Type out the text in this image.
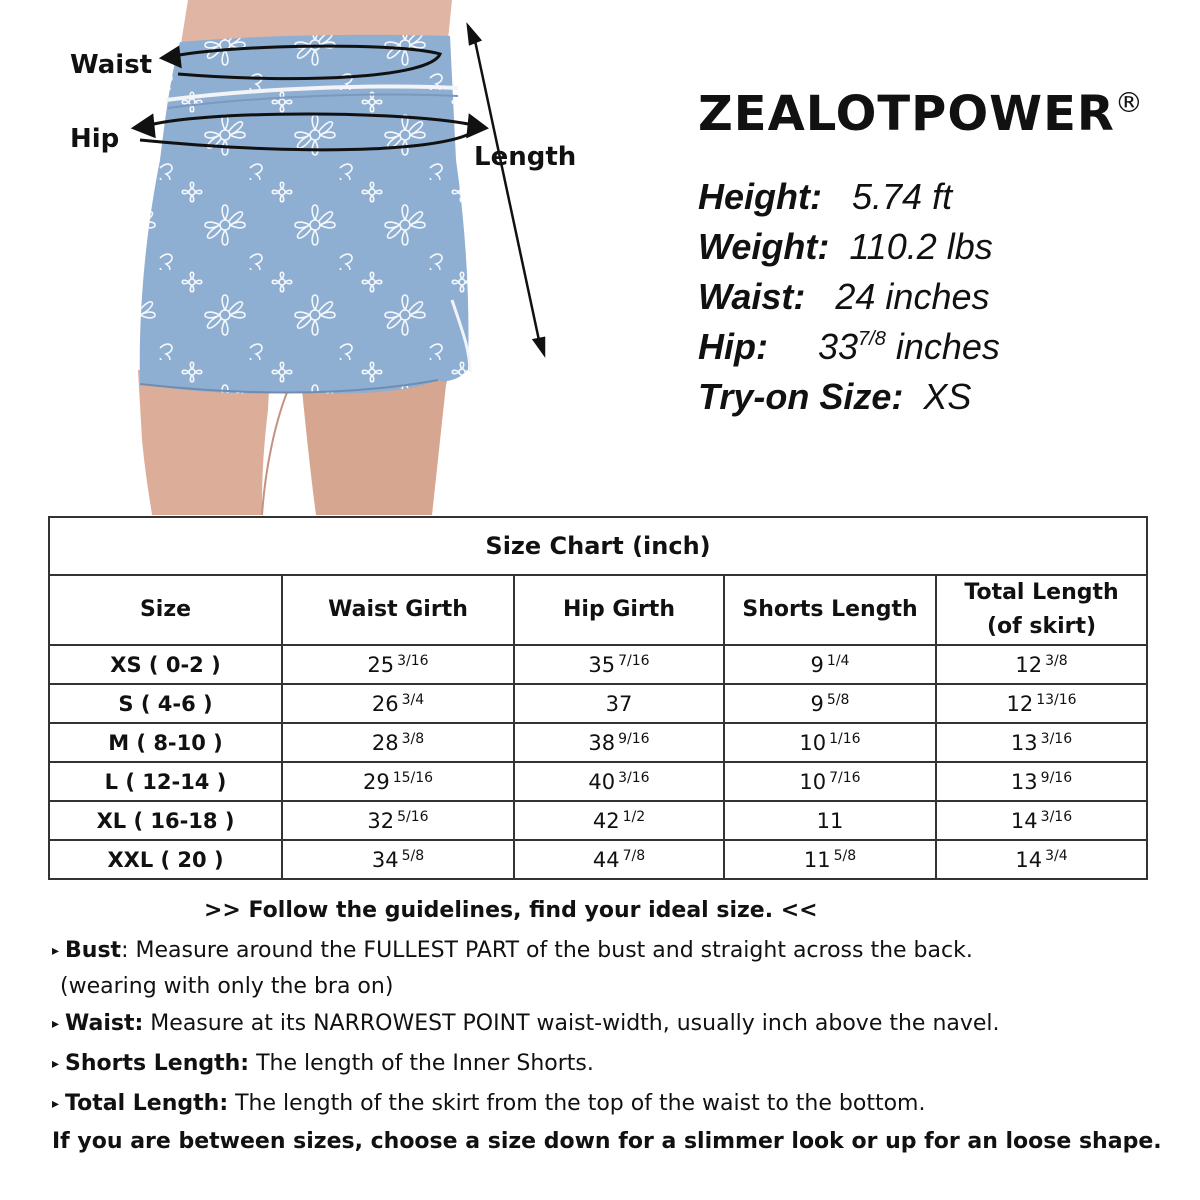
Waist
Hip
Length
ZEALOTPOWER®
Height: 5.74 ft
Weight: 110.2 lbs
Waist: 24 inches
Hip: $33^{7/8}$ inches
Try-on Size: XS
Size Chart (inch)				
Size	Waist Girth	Hip Girth	Shorts Length	Total Length
(of skirt)
XS ( 0-2 )	25 $^{3/16}$	35 $^{7/16}$	9 $^{1/4}$	12 $^{3/8}$
S ( 4-6 )	26 $^{3/4}$	37	9 $^{5/8}$	12 $^{13/16}$
M ( 8-10 )	28 $^{3/8}$	38 $^{9/16}$	10 $^{1/16}$	13 $^{3/16}$
L ( 12-14 )	29 $^{15/16}$	40 $^{3/16}$	10 $^{7/16}$	13 $^{9/16}$
XL ( 16-18 )	32 $^{5/16}$	42 $^{1/2}$	11	14 $^{3/16}$
XXL ( 20 )	34 $^{5/8}$	44 $^{7/8}$	11 $^{5/8}$	14 $^{3/4}$
>> Follow the guidelines, find your ideal size. <<
▸ Bust: Measure around the FULLEST PART of the bust and straight across the back.
(wearing with only the bra on)
▸ Waist: Measure at its NARROWEST POINT waist-width, usually inch above the navel.
▸ Shorts Length: The length of the Inner Shorts.
▸ Total Length: The length of the skirt from the top of the waist to the bottom.
If you are between sizes, choose a size down for a slimmer look or up for an loose shape.
